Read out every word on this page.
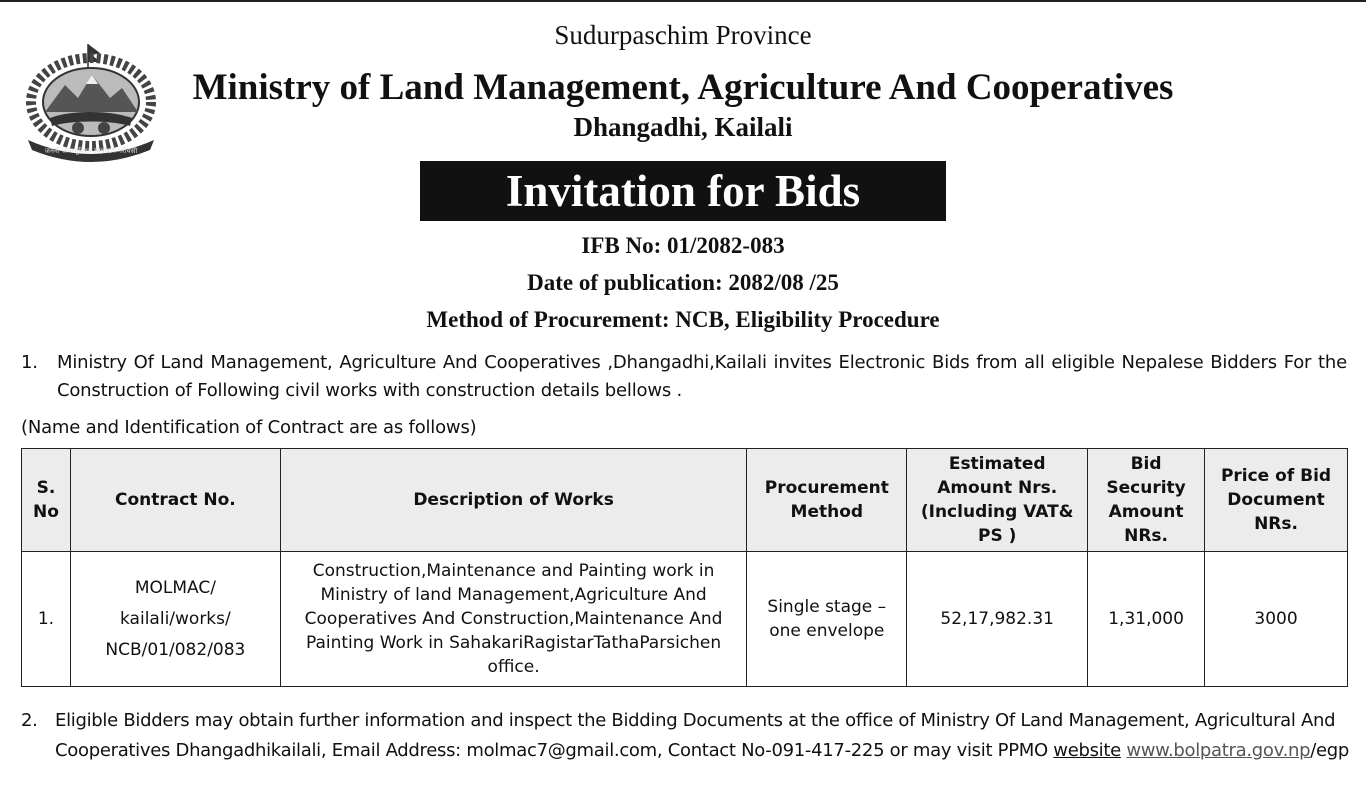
जननी जन्मभूमिश्च स्वर्गादपि गरीयसी
Sudurpaschim Province
Ministry of Land Management, Agriculture And Cooperatives
Dhangadhi, Kailali
Invitation for Bids
IFB No: 01/2082-083
Date of publication: 2082/08 /25
Method of Procurement: NCB, Eligibility Procedure
1. Ministry Of Land Management, Agriculture And Cooperatives ,Dhangadhi,Kailali invites Electronic Bids from all eligible Nepalese Bidders For the Construction of Following civil works with construction details bellows .
(Name and Identification of Contract are as follows)
S. No	Contract No.	Description of Works	Procurement Method	Estimated Amount Nrs. (Including VAT& PS )	Bid Security Amount NRs.	Price of Bid Document NRs.
1.	MOLMAC/ kailali/works/ NCB/01/082/083	Construction,Maintenance and Painting work in Ministry of land Management,Agriculture And Cooperatives And Construction,Maintenance And Painting Work in SahakariRagistarTathaParsichen office.	Single stage – one envelope	52,17,982.31	1,31,000	3000
2. Eligible Bidders may obtain further information and inspect the Bidding Documents at the office of Ministry Of Land Management, Agricultural And
Cooperatives Dhangadhikailali, Email Address: molmac7@gmail.com, Contact No-091-417-225 or may visit PPMO website www.bolpatra.gov.np/egp
